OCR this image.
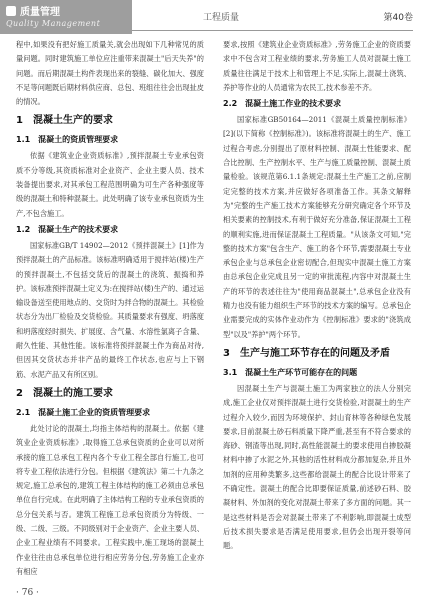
质量管理
Quality Management
工程质量	第40卷

程中,如果没有把好施工质量关,就会出现如下几种常见的质量问题。同时建筑施工单位应注重带来混凝土"后天失养"的问题。而后期混凝土构件表现出来的裂缝、碳化加大、强度不足等问题既后期材料供应商、总包、班组往往会出现扯皮的情况。

1　混凝土生产的要求
1.1　混凝土的资质管理要求

依据《建筑业企业资质标准》,预拌混凝土专业承包资质不分等级,其资质标准对企业资产、企业主要人员、技术装备提出要求,对其承包工程范围明确为可生产各种强度等级的混凝土和特种混凝土。此处明确了该专业承包资质为生产,不包含施工。

1.2　混凝土生产的技术要求

国家标准GB/T 14902—2012《预拌混凝土》[1]作为预拌混凝土的产品标准。该标准明确适用于搅拌站(楼)生产的预拌混凝土,不包括交货后的混凝土的浇筑、振捣和养护。该标准预拌混凝土定义为:在搅拌站(楼)生产的、通过运输设备送至使用地点的、交货时为拌合物的混凝土。其检验状态分为出厂检验及交货检验。其质量要求有强度、坍落度和坍落度经时损失、扩展度、含气量、水溶性氯离子含量、耐久性能、其他性能。该标准将预拌混凝土作为商品对待,但因其交货状态并非产品的最终工作状态,也应与上下钢筋、水泥产品又有所区别。

2　混凝土的施工要求
2.1　混凝土施工企业的资质管理要求

此处讨论的混凝土,均指主体结构的混凝土。依据《建筑业企业资质标准》,取得施工总承包资质的企业可以对所承接的施工总承包工程内各个专业工程全部自行施工,也可将专业工程依法进行分包。但根据《建筑法》第二十九条之规定,施工总承包的,建筑工程主体结构的施工必须由总承包单位自行完成。在此明确了主体结构工程的专业承包资质的总分包关系与否。建筑工程施工总承包资质分为特级、一级、二级、三级。不同级别对于企业资产、企业主要人员、企业工程业绩有不同要求。工程实践中,施工现场的混凝土作业往往由总承包单位进行相应劳务分包,劳务施工企业亦有相应

要求,按照《建筑业企业资质标准》,劳务施工企业的资质要求中不包含对工程业绩的要求,劳务施工人员对混凝土施工质量往往满足于技术上和管理上不足,实际上,混凝土浇筑、养护等作业的人员通常为农民工,技术参差不齐。

2.2　混凝土施工作业的技术要求

国家标准GB50164—2011《混凝土质量控制标准》[2](以下简称《控制标准》)。该标准将混凝土的生产、施工过程合考虑,分别提出了原材料控制、混凝土性能要求、配合比控制、生产控制水平、生产与施工质量控制、混凝土质量检验。该规范第6.1.1条规定:混凝土生产施工之前,应制定完整的技术方案,并应做好各项准备工作。其条文解释为"完整的生产施工技术方案能够充分研究确定各个环节及相关要素的控制技术,有利于做好充分准备,保证混凝土工程的顺利实施,进而保证混凝土工程质量。"从该条文可知,"完整的技术方案"包含生产、施工的各个环节,需要混凝土专业承包企业与总承包企业密切配合,但现实中混凝土施工方案由总承包企业完成且另一定的审批流程,内容中对混凝土生产的环节的表述往往为"使用商品混凝土",总承包企业没有精力也没有能力组织生产环节的技术方案的编写。总承包企业需要完成的实体作业动作为《控制标准》要求的"浇筑成型"以及"养护"两个环节。

3　生产与施工环节存在的问题及矛盾
3.1　混凝土生产环节可能存在的问题

因混凝土生产与混凝土施工为两家独立的法人分别完成,施工企业仅对预拌混凝土进行交货检验,对混凝土的生产过程介入较少,而因为环境保护、封山育林等各种绿色发展要求,目前混凝土砂石料质量下降严重,甚至有不符合要求的海砂、钢渣等出现,同时,高性能混凝土的要求使用自掺胶凝材料中掺了水泥之外,其他的活性材料成分都加复杂,并且外加剂的应用种类繁多,这些都给混凝土的配合比设计带来了不确定性。混凝土的配合比即要保证质量,前述砂石料、胶凝材料、外加剂的变化对混凝土带来了多方面的问题。其一是这些材料是否会对混凝土带来了不利影响,即混凝土成型后技术损失要求是否满足使用要求,但仍会出现开裂等问题。

· 76 ·
